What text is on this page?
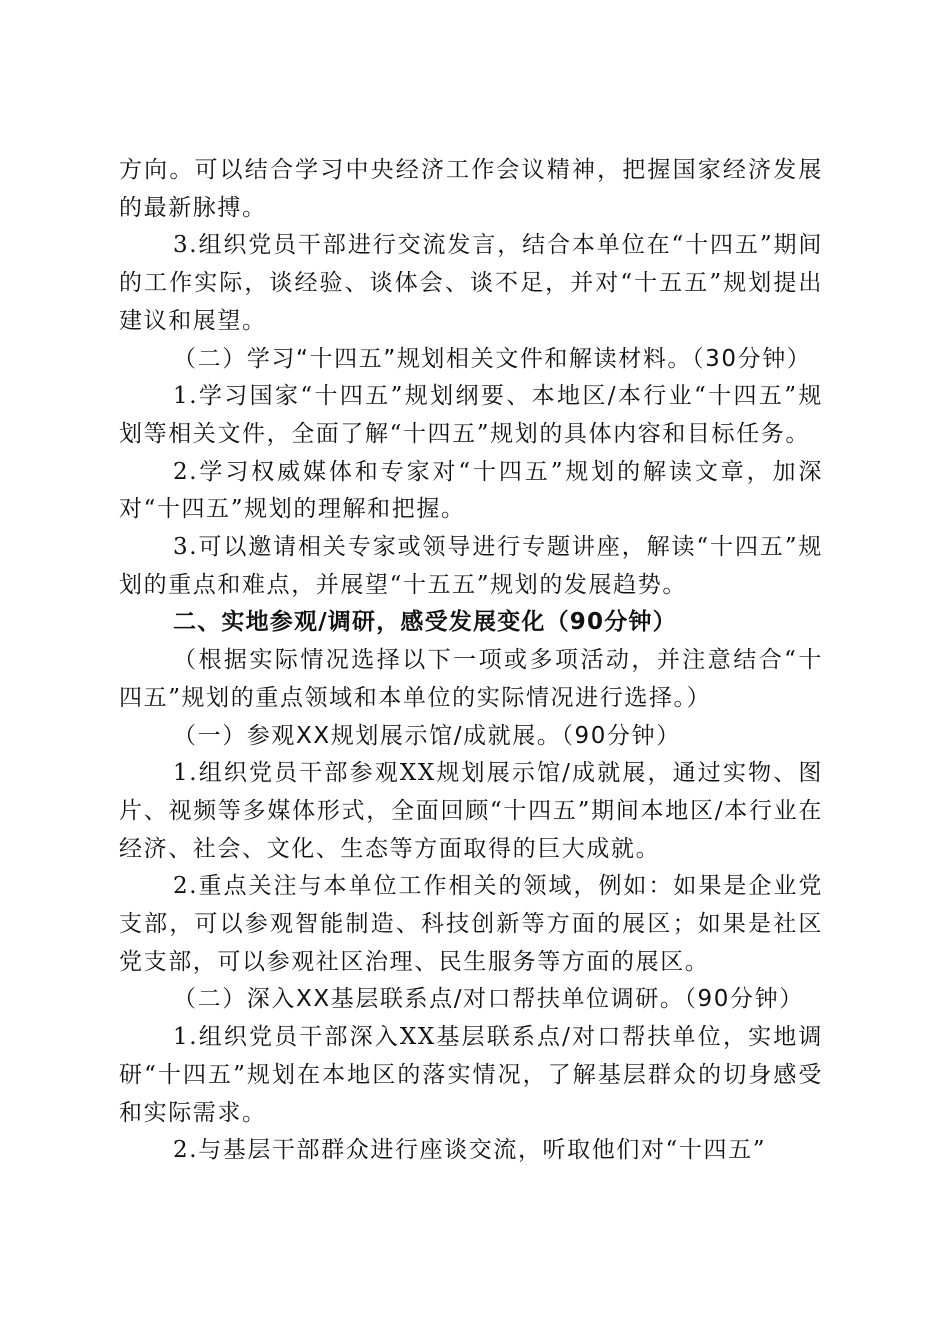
方向。可以结合学习中央经济工作会议精神，把握国家经济发展的最新脉搏。

3.组织党员干部进行交流发言，结合本单位在“十四五”期间的工作实际，谈经验、谈体会、谈不足，并对“十五五”规划提出建议和展望。

（二）学习“十四五”规划相关文件和解读材料。（30分钟）

1.学习国家“十四五”规划纲要、本地区/本行业“十四五”规划等相关文件，全面了解“十四五”规划的具体内容和目标任务。

2.学习权威媒体和专家对“十四五”规划的解读文章，加深对“十四五”规划的理解和把握。

3.可以邀请相关专家或领导进行专题讲座，解读“十四五”规划的重点和难点，并展望“十五五”规划的发展趋势。

二、实地参观/调研，感受发展变化（90分钟）

（根据实际情况选择以下一项或多项活动，并注意结合“十四五”规划的重点领域和本单位的实际情况进行选择。）

（一）参观XX规划展示馆/成就展。（90分钟）

1.组织党员干部参观XX规划展示馆/成就展，通过实物、图片、视频等多媒体形式，全面回顾“十四五”期间本地区/本行业在经济、社会、文化、生态等方面取得的巨大成就。

2.重点关注与本单位工作相关的领域，例如：如果是企业党支部，可以参观智能制造、科技创新等方面的展区；如果是社区党支部，可以参观社区治理、民生服务等方面的展区。

（二）深入XX基层联系点/对口帮扶单位调研。（90分钟）

1.组织党员干部深入XX基层联系点/对口帮扶单位，实地调研“十四五”规划在本地区的落实情况，了解基层群众的切身感受和实际需求。

2.与基层干部群众进行座谈交流，听取他们对“十四五”
